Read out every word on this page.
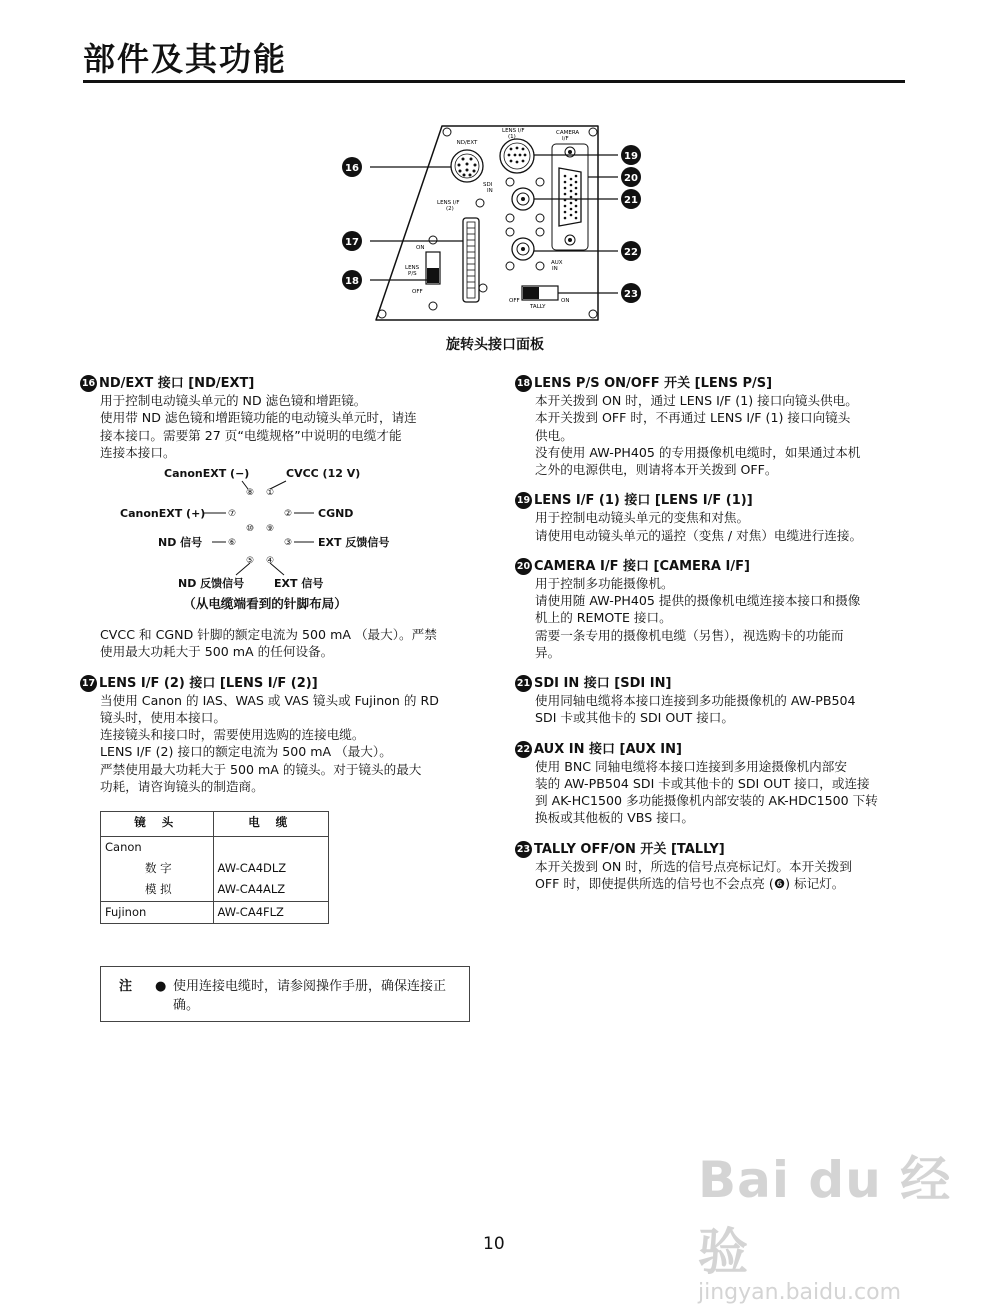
部件及其功能
ND/EXT
LENS I/F
(1)
CAMERA
I/F
SDI
IN
AUX
IN
LENS I/F
(2)
ON
LENS
P/S
OFF
OFF	ON
TALLY
16
17
18
19
20
21
22
23
旋转头接口面板
16 ND/EXT 接口 [ND/EXT]
用于控制电动镜头单元的 ND 滤色镜和增距镜。
使用带 ND 滤色镜和增距镜功能的电动镜头单元时，请连
接本接口。需要第 27 页“电缆规格”中说明的电缆才能
连接本接口。
CanonEXT (−)	CVCC (12 V)
CanonEXT (+)	CGND
ND 信号	EXT 反馈信号
ND 反馈信号	EXT 信号
⑧ ①
⑦	②
⑩ ⑨
⑥	③
⑤ ④
（从电缆端看到的针脚布局）
CVCC 和 CGND 针脚的额定电流为 500 mA （最大）。严禁
使用最大功耗大于 500 mA 的任何设备。
17 LENS I/F (2) 接口 [LENS I/F (2)]
当使用 Canon 的 IAS、WAS 或 VAS 镜头或 Fujinon 的 RD
镜头时，使用本接口。
连接镜头和接口时，需要使用选购的连接电缆。
LENS I/F (2) 接口的额定电流为 500 mA （最大）。
严禁使用最大功耗大于 500 mA 的镜头。对于镜头的最大
功耗，请咨询镜头的制造商。
镜 头	电 缆
Canon	
数 字	AW-CA4DLZ
模 拟	AW-CA4ALZ
Fujinon	AW-CA4FLZ
注 ● 使用连接电缆时，请参阅操作手册，确保连接正确。
18 LENS P/S ON/OFF 开关 [LENS P/S]
本开关拨到 ON 时，通过 LENS I/F (1) 接口向镜头供电。
本开关拨到 OFF 时，不再通过 LENS I/F (1) 接口向镜头
供电。
没有使用 AW-PH405 的专用摄像机电缆时，如果通过本机
之外的电源供电，则请将本开关拨到 OFF。
19 LENS I/F (1) 接口 [LENS I/F (1)]
用于控制电动镜头单元的变焦和对焦。
请使用电动镜头单元的遥控（变焦 / 对焦）电缆进行连接。
20 CAMERA I/F 接口 [CAMERA I/F]
用于控制多功能摄像机。
请使用随 AW-PH405 提供的摄像机电缆连接本接口和摄像
机上的 REMOTE 接口。
需要一条专用的摄像机电缆（另售），视选购卡的功能而
异。
21 SDI IN 接口 [SDI IN]
使用同轴电缆将本接口连接到多功能摄像机的 AW-PB504
SDI 卡或其他卡的 SDI OUT 接口。
22 AUX IN 接口 [AUX IN]
使用 BNC 同轴电缆将本接口连接到多用途摄像机内部安
装的 AW-PB504 SDI 卡或其他卡的 SDI OUT 接口，或连接
到 AK-HC1500 多功能摄像机内部安装的 AK-HDC1500 下转
换板或其他板的 VBS 接口。
23 TALLY OFF/ON 开关 [TALLY]
本开关拨到 ON 时，所选的信号点亮标记灯。本开关拨到
OFF 时，即使提供所选的信号也不会点亮 (❻) 标记灯。
Bai du 经验
jingyan.baidu.com
10
